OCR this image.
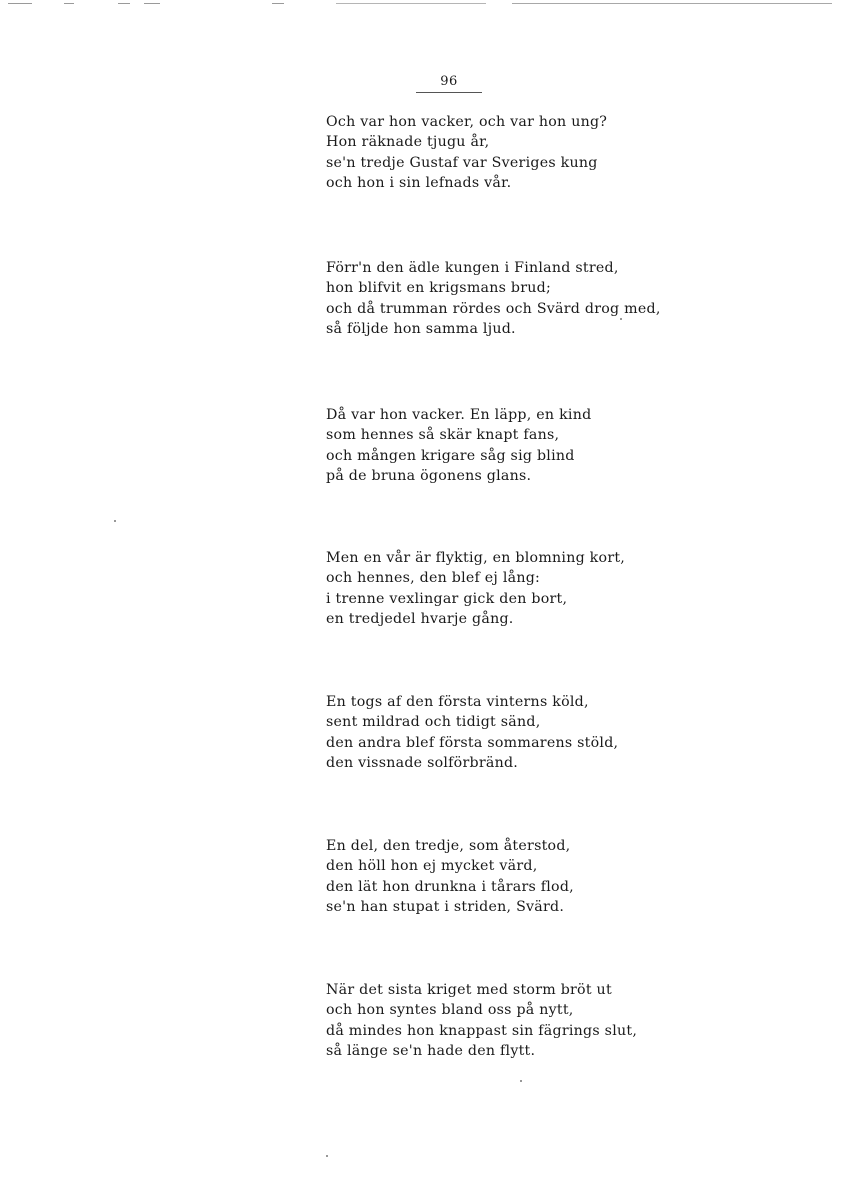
96
Och var hon vacker, och var hon ung?
Hon räknade tjugu år,
se'n tredje Gustaf var Sveriges kung
och hon i sin lefnads vår.
Förr'n den ädle kungen i Finland stred,
hon blifvit en krigsmans brud;
och då trumman rördes och Svärd drog med,
så följde hon samma ljud.
Då var hon vacker. En läpp, en kind
som hennes så skär knapt fans,
och mången krigare såg sig blind
på de bruna ögonens glans.
Men en vår är flyktig, en blomning kort,
och hennes, den blef ej lång:
i trenne vexlingar gick den bort,
en tredjedel hvarje gång.
En togs af den första vinterns köld,
sent mildrad och tidigt sänd,
den andra blef första sommarens stöld,
den vissnade solförbränd.
En del, den tredje, som återstod,
den höll hon ej mycket värd,
den lät hon drunkna i tårars flod,
se'n han stupat i striden, Svärd.
När det sista kriget med storm bröt ut
och hon syntes bland oss på nytt,
då mindes hon knappast sin fägrings slut,
så länge se'n hade den flytt.
